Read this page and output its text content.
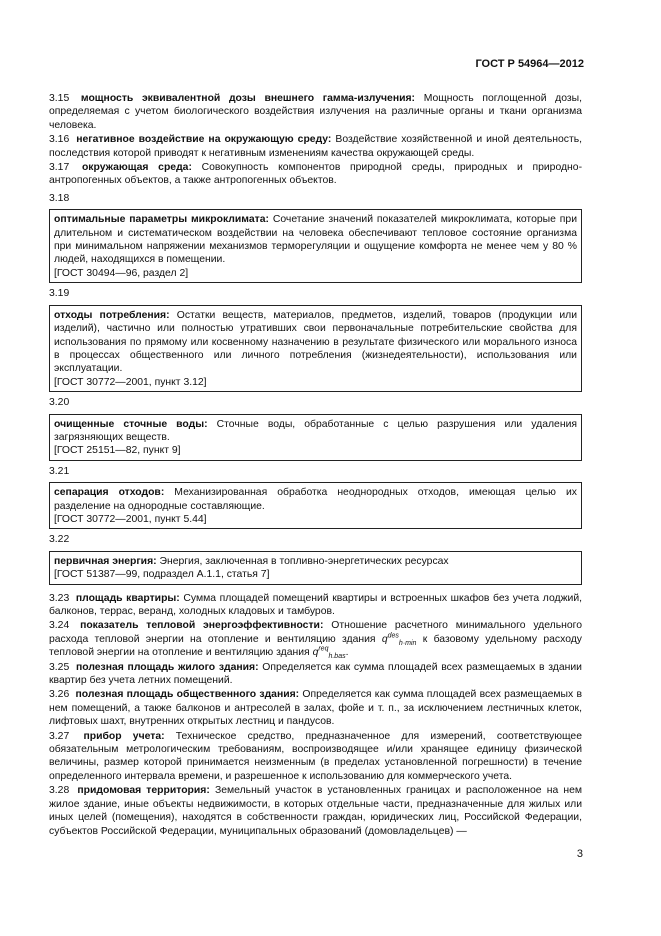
ГОСТ Р 54964—2012

3.15 мощность эквивалентной дозы внешнего гамма-излучения: Мощность поглощенной дозы, определяемая с учетом биологического воздействия излучения на различные органы и ткани организма человека.

3.16 негативное воздействие на окружающую среду: Воздействие хозяйственной и иной деятельность, последствия которой приводят к негативным изменениям качества окружающей среды.

3.17 окружающая среда: Совокупность компонентов природной среды, природных и природно-антропогенных объектов, а также антропогенных объектов.

3.18
оптимальные параметры микроклимата: Сочетание значений показателей микроклимата, которые при длительном и систематическом воздействии на человека обеспечивают тепловое состояние организма при минимальном напряжении механизмов терморегуляции и ощущение комфорта не менее чем у 80 % людей, находящихся в помещении.
[ГОСТ 30494—96, раздел 2]
3.19
отходы потребления: Остатки веществ, материалов, предметов, изделий, товаров (продукции или изделий), частично или полностью утративших свои первоначальные потребительские свойства для использования по прямому или косвенному назначению в результате физического или морального износа в процессах общественного или личного потребления (жизнедеятельности), использования или эксплуатации.
[ГОСТ 30772—2001, пункт 3.12]
3.20
очищенные сточные воды: Сточные воды, обработанные с целью разрушения или удаления загрязняющих веществ.
[ГОСТ 25151—82, пункт 9]
3.21
сепарация отходов: Механизированная обработка неоднородных отходов, имеющая целью их разделение на однородные составляющие.
[ГОСТ 30772—2001, пункт 5.44]
3.22
первичная энергия: Энергия, заключенная в топливно-энергетических ресурсах
[ГОСТ 51387—99, подраздел А.1.1, статья 7]

3.23 площадь квартиры: Сумма площадей помещений квартиры и встроенных шкафов без учета лоджий, балконов, террас, веранд, холодных кладовых и тамбуров.

3.24 показатель тепловой энергоэффективности: Отношение расчетного минимального удельного расхода тепловой энергии на отопление и вентиляцию здания $q^{des}_{h\cdot min}$ к базовому удельному расходу тепловой энергии на отопление и вентиляцию здания $q^{req}_{h.bas}$.

3.25 полезная площадь жилого здания: Определяется как сумма площадей всех размещаемых в здании квартир без учета летних помещений.

3.26 полезная площадь общественного здания: Определяется как сумма площадей всех размещаемых в нем помещений, а также балконов и антресолей в залах, фойе и т. п., за исключением лестничных клеток, лифтовых шахт, внутренних открытых лестниц и пандусов.

3.27 прибор учета: Техническое средство, предназначенное для измерений, соответствующее обязательным метрологическим требованиям, воспроизводящее и/или хранящее единицу физической величины, размер которой принимается неизменным (в пределах установленной погрешности) в течение определенного интервала времени, и разрешенное к использованию для коммерческого учета.

3.28 придомовая территория: Земельный участок в установленных границах и расположенное на нем жилое здание, иные объекты недвижимости, в которых отдельные части, предназначенные для жилых или иных целей (помещения), находятся в собственности граждан, юридических лиц, Российской Федерации, субъектов Российской Федерации, муниципальных образований (домовладельцев) —

3
